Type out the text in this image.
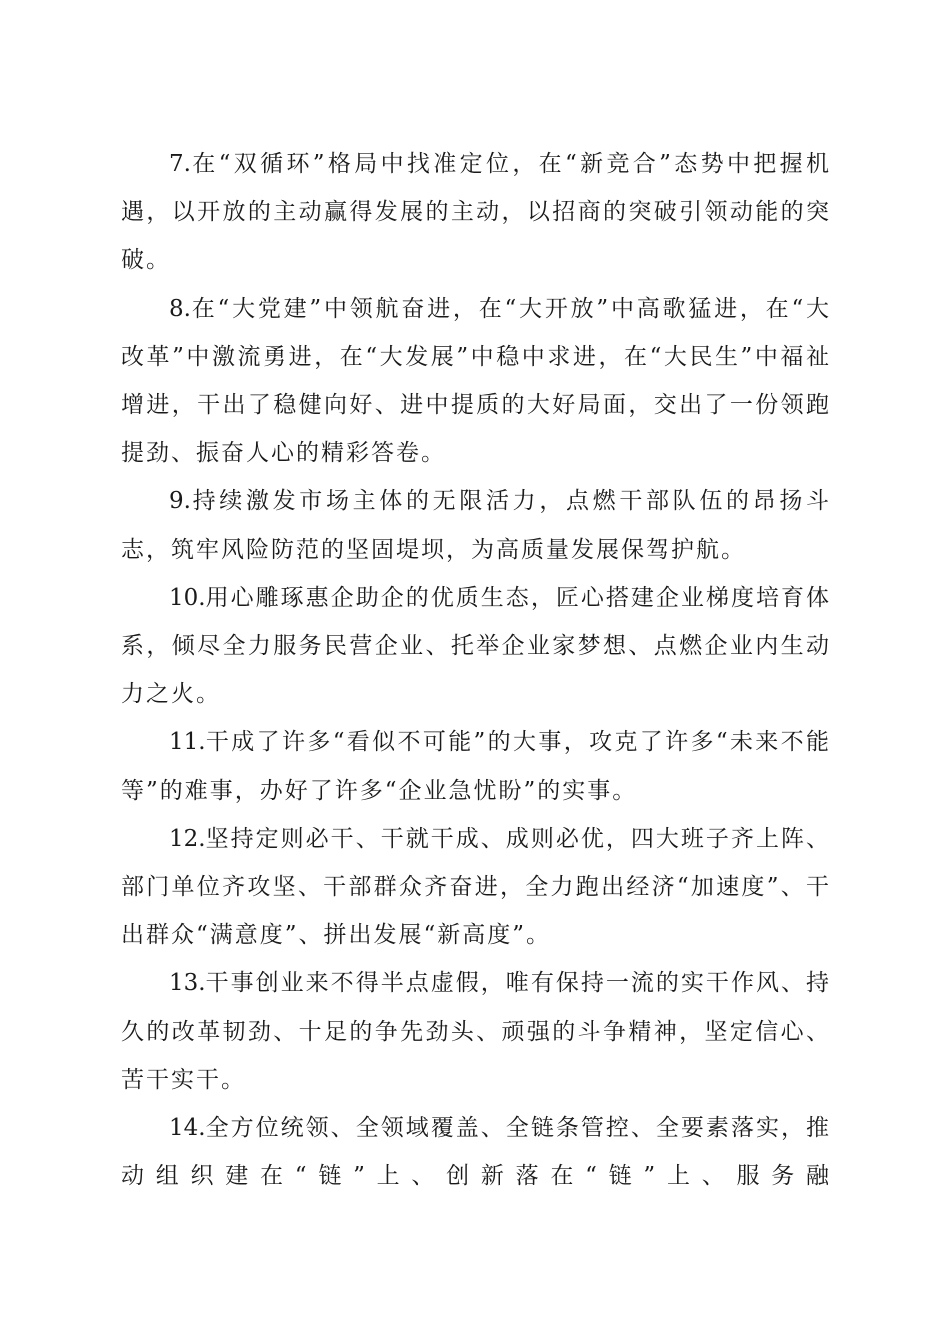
7.在“双循环”格局中找准定位，在“新竞合”态势中把握机遇，以开放的主动赢得发展的主动，以招商的突破引领动能的突破。

8.在“大党建”中领航奋进，在“大开放”中高歌猛进，在“大改革”中激流勇进，在“大发展”中稳中求进，在“大民生”中福祉增进，干出了稳健向好、进中提质的大好局面，交出了一份领跑提劲、振奋人心的精彩答卷。

9.持续激发市场主体的无限活力，点燃干部队伍的昂扬斗志，筑牢风险防范的坚固堤坝，为高质量发展保驾护航。

10.用心雕琢惠企助企的优质生态，匠心搭建企业梯度培育体系，倾尽全力服务民营企业、托举企业家梦想、点燃企业内生动力之火。

11.干成了许多“看似不可能”的大事，攻克了许多“未来不能等”的难事，办好了许多“企业急忧盼”的实事。

12.坚持定则必干、干就干成、成则必优，四大班子齐上阵、部门单位齐攻坚、干部群众齐奋进，全力跑出经济“加速度”、干出群众“满意度”、拼出发展“新高度”。

13.干事创业来不得半点虚假，唯有保持一流的实干作风、持久的改革韧劲、十足的争先劲头、顽强的斗争精神，坚定信心、苦干实干。

14.全方位统领、全领域覆盖、全链条管控、全要素落实，推动组织建在“链”上、创新落在“链”上、服务融
